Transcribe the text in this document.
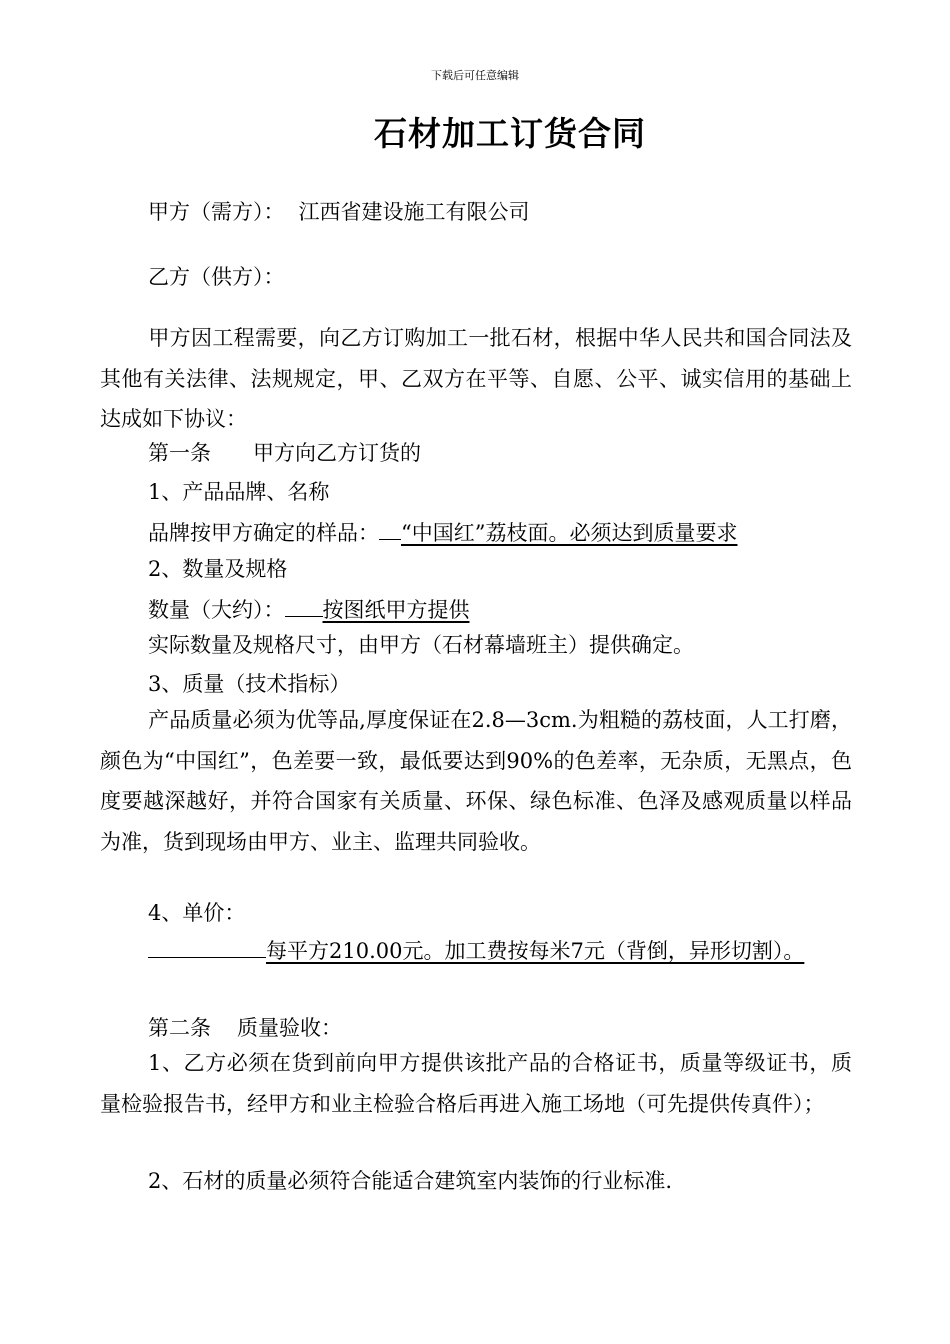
下载后可任意编辑
石材加工订货合同
甲方（需方）： 江西省建设施工有限公司
乙方（供方）：
甲方因工程需要，向乙方订购加工一批石材，根据中华人民共和国合同法及其他有关法律、法规规定，甲、乙双方在平等、自愿、公平、诚实信用的基础上达成如下协议：
第一条 甲方向乙方订货的
1、产品品牌、名称
品牌按甲方确定的样品： “中国红”荔枝面。必须达到质量要求
2、数量及规格
数量（大约）： 按图纸甲方提供
实际数量及规格尺寸，由甲方（石材幕墙班主）提供确定。
3、质量（技术指标）
产品质量必须为优等品,厚度保证在2.8—3cm.为粗糙的荔枝面，人工打磨，颜色为“中国红”，色差要一致，最低要达到90%的色差率，无杂质，无黑点，色度要越深越好，并符合国家有关质量、环保、绿色标准、色泽及感观质量以样品为准，货到现场由甲方、业主、监理共同验收。
4、单价：
每平方210.00元。加工费按每米7元（背倒，异形切割）。
第二条 质量验收：
1、乙方必须在货到前向甲方提供该批产品的合格证书，质量等级证书，质量检验报告书，经甲方和业主检验合格后再进入施工场地（可先提供传真件）；
2、石材的质量必须符合能适合建筑室内装饰的行业标准.
